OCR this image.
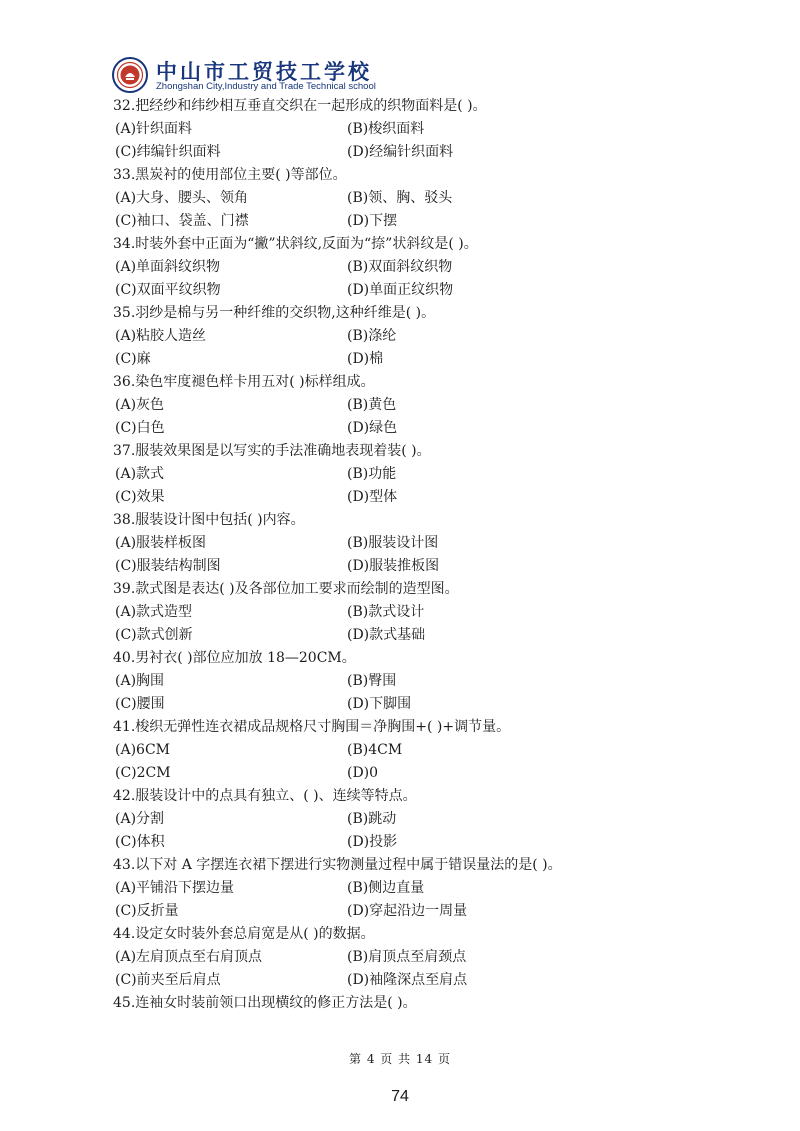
中山市工贸技工学校
Zhongshan City,Industry and Trade Technical school
32.把经纱和纬纱相互垂直交织在一起形成的织物面料是( )。
(A)针织面料	(B)梭织面料
(C)纬编针织面料	(D)经编针织面料
33.黑炭衬的使用部位主要( )等部位。
(A)大身、腰头、领角	(B)领、胸、驳头
(C)袖口、袋盖、门襟	(D)下摆
34.时装外套中正面为“撇”状斜纹,反面为“捺”状斜纹是( )。
(A)单面斜纹织物	(B)双面斜纹织物
(C)双面平纹织物	(D)单面正纹织物
35.羽纱是棉与另一种纤维的交织物,这种纤维是( )。
(A)粘胶人造丝	(B)涤纶
(C)麻	(D)棉
36.染色牢度褪色样卡用五对( )标样组成。
(A)灰色	(B)黄色
(C)白色	(D)绿色
37.服装效果图是以写实的手法准确地表现着装( )。
(A)款式	(B)功能
(C)效果	(D)型体
38.服装设计图中包括( )内容。
(A)服装样板图	(B)服装设计图
(C)服装结构制图	(D)服装推板图
39.款式图是表达( )及各部位加工要求而绘制的造型图。
(A)款式造型	(B)款式设计
(C)款式创新	(D)款式基础
40.男衬衣( )部位应加放 18—20CM。
(A)胸围	(B)臀围
(C)腰围	(D)下脚围
41.梭织无弹性连衣裙成品规格尺寸胸围＝净胸围+( )+调节量。
(A)6CM	(B)4CM
(C)2CM	(D)0
42.服装设计中的点具有独立、( )、连续等特点。
(A)分割	(B)跳动
(C)体积	(D)投影
43.以下对 A 字摆连衣裙下摆进行实物测量过程中属于错误量法的是( )。
(A)平铺沿下摆边量	(B)侧边直量
(C)反折量	(D)穿起沿边一周量
44.设定女时装外套总肩宽是从( )的数据。
(A)左肩顶点至右肩顶点	(B)肩顶点至肩颈点
(C)前夹至后肩点	(D)袖隆深点至肩点
45.连袖女时装前领口出现横纹的修正方法是( )。
第 4 页 共 14 页
74
